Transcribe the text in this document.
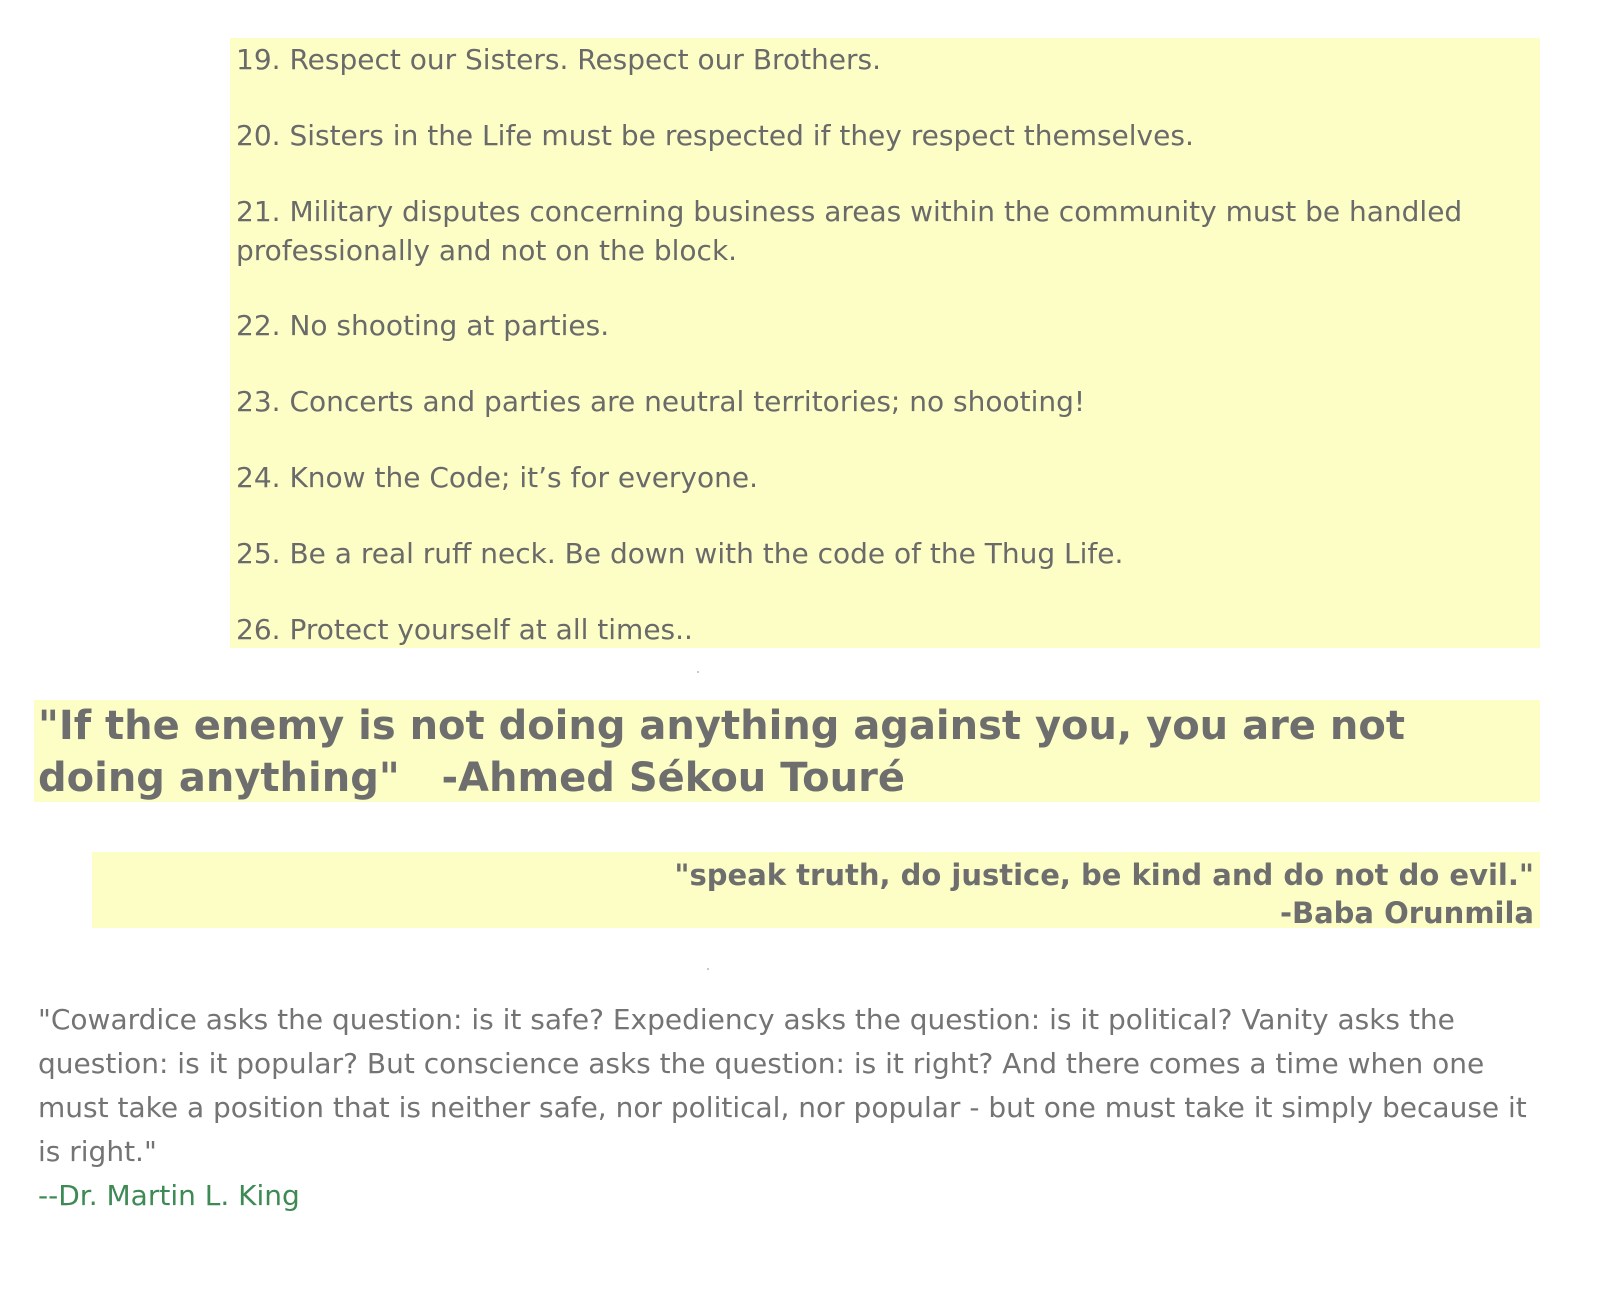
19. Respect our Sisters. Respect our Brothers.

20. Sisters in the Life must be respected if they respect themselves.

21. Military disputes concerning business areas within the community must be handled professionally and not on the block.

22. No shooting at parties.

23. Concerts and parties are neutral territories; no shooting!

24. Know the Code; it’s for everyone.

25. Be a real ruff neck. Be down with the code of the Thug Life.

26. Protect yourself at all times..

"If the enemy is not doing anything against you, you are not doing anything" -Ahmed Sékou Touré

"speak truth, do justice, be kind and do not do evil."
-Baba Orunmila

"Cowardice asks the question: is it safe? Expediency asks the question: is it political? Vanity asks the question: is it popular? But conscience asks the question: is it right? And there comes a time when one must take a position that is neither safe, nor political, nor popular - but one must take it simply because it is right."

--Dr. Martin L. King
